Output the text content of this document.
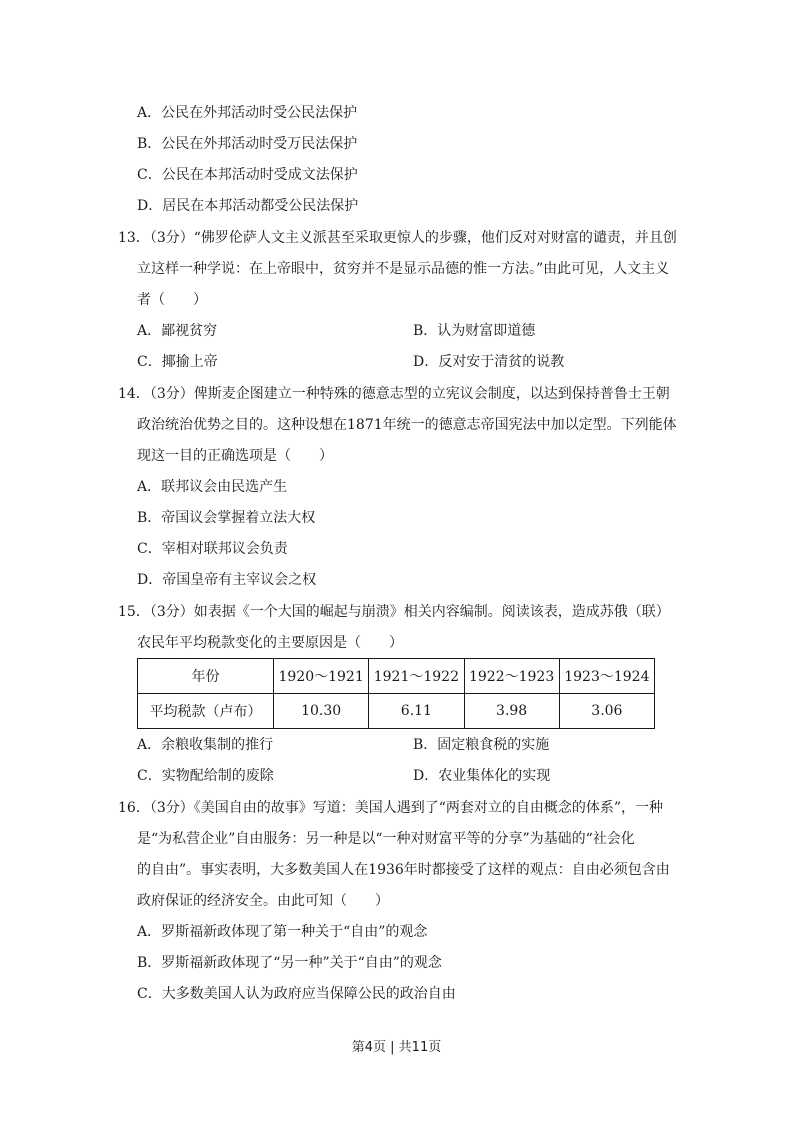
A．公民在外邦活动时受公民法保护
B．公民在外邦活动时受万民法保护
C．公民在本邦活动时受成文法保护
D．居民在本邦活动都受公民法保护
13．（3分）“佛罗伦萨人文主义派甚至采取更惊人的步骤，他们反对对财富的谴责，并且创
立这样一种学说：在上帝眼中，贫穷并不是显示品德的惟一方法。”由此可见，人文主义
者（　　）
A．鄙视贫穷	B．认为财富即道德
C．揶揄上帝	D．反对安于清贫的说教
14．（3分）俾斯麦企图建立一种特殊的德意志型的立宪议会制度，以达到保持普鲁士王朝
政治统治优势之目的。这种设想在1871年统一的德意志帝国宪法中加以定型。下列能体
现这一目的正确选项是（　　）
A．联邦议会由民选产生
B．帝国议会掌握着立法大权
C．宰相对联邦议会负责
D．帝国皇帝有主宰议会之权
15．（3分）如表据《一个大国的崛起与崩溃》相关内容编制。阅读该表，造成苏俄（联）
农民年平均税款变化的主要原因是（　　）
年份	1920～1921	1921～1922	1922～1923	1923～1924
平均税款（卢布）	10.30	6.11	3.98	3.06
A．余粮收集制的推行	B．固定粮食税的实施
C．实物配给制的废除	D．农业集体化的实现
16．（3分）《美国自由的故事》写道：美国人遇到了“两套对立的自由概念的体系”，一种
是“为私营企业”自由服务：另一种是以“一种对财富平等的分享”为基础的“社会化
的自由”。事实表明，大多数美国人在1936年时都接受了这样的观点：自由必须包含由
政府保证的经济安全。由此可知（　　）
A．罗斯福新政体现了第一种关于“自由”的观念
B．罗斯福新政体现了“另一种”关于“自由”的观念
C．大多数美国人认为政府应当保障公民的政治自由
第4页 | 共11页
